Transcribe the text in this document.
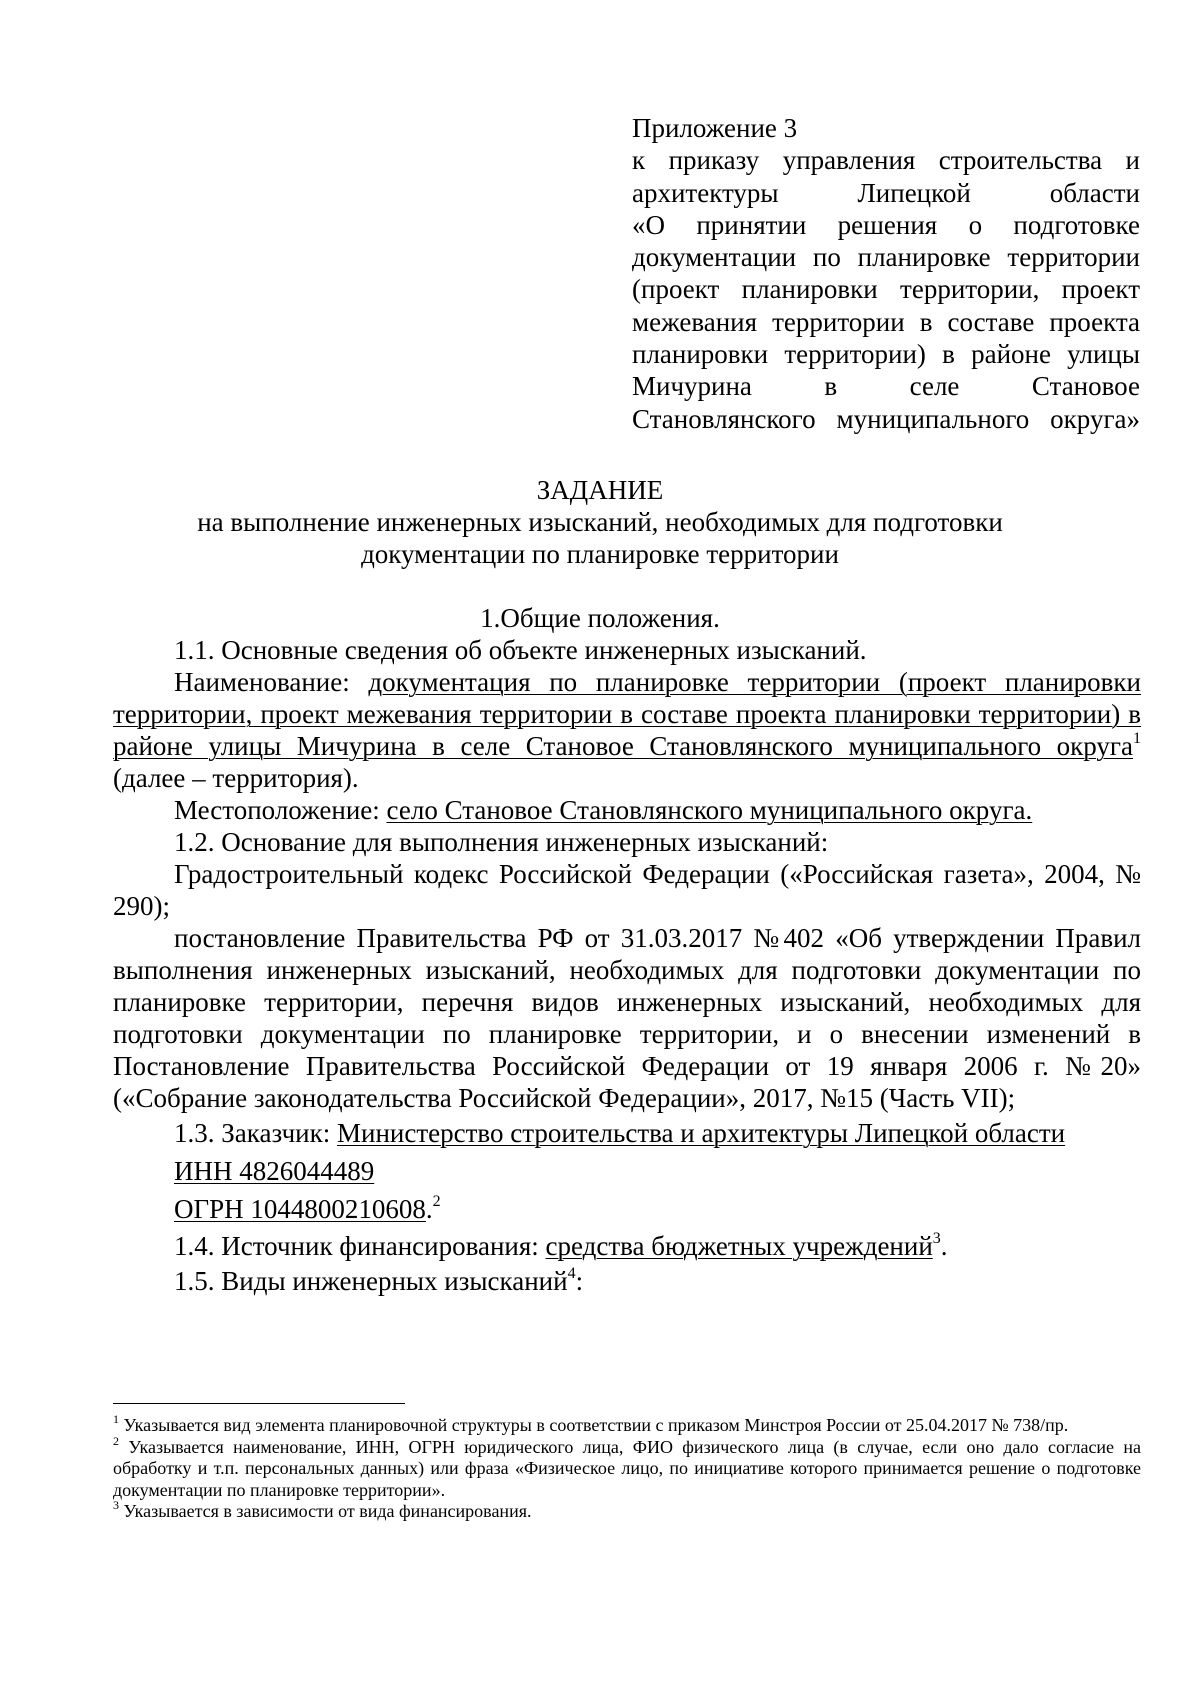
Приложение 3
к приказу управления строительства и
архитектуры Липецкой области
«О принятии решения о подготовке
документации по планировке территории
(проект планировки территории, проект
межевания территории в составе проекта
планировки территории) в районе улицы
Мичурина в селе Становое
Становлянского муниципального округа»
ЗАДАНИЕ
на выполнение инженерных изысканий, необходимых для подготовки
документации по планировке территории
1.Общие положения.
1.1. Основные сведения об объекте инженерных изысканий.
Наименование: документация по планировке территории (проект планировки территории, проект межевания территории в составе проекта планировки территории) в районе улицы Мичурина в селе Становое Становлянского муниципального округа$^1$ (далее – территория).
Местоположение: село Становое Становлянского муниципального округа.
1.2. Основание для выполнения инженерных изысканий:
Градостроительный кодекс Российской Федерации («Российская газета», 2004, № 290);
постановление Правительства РФ от 31.03.2017 №402 «Об утверждении Правил выполнения инженерных изысканий, необходимых для подготовки документации по планировке территории, перечня видов инженерных изысканий, необходимых для подготовки документации по планировке территории, и о внесении изменений в Постановление Правительства Российской Федерации от 19 января 2006 г. №20» («Собрание законодательства Российской Федерации», 2017, №15 (Часть VII);
1.3. Заказчик: Министерство строительства и архитектуры Липецкой области
ИНН 4826044489
ОГРН 1044800210608.$^2$
1.4. Источник финансирования: средства бюджетных учреждений$^3$.
1.5. Виды инженерных изысканий$^4$:
$^1$ Указывается вид элемента планировочной структуры в соответствии с приказом Минстроя России от 25.04.2017 № 738/пр.
$^2$ Указывается наименование, ИНН, ОГРН юридического лица, ФИО физического лица (в случае, если оно дало согласие на обработку и т.п. персональных данных) или фраза «Физическое лицо, по инициативе которого принимается решение о подготовке документации по планировке территории».
$^3$ Указывается в зависимости от вида финансирования.
